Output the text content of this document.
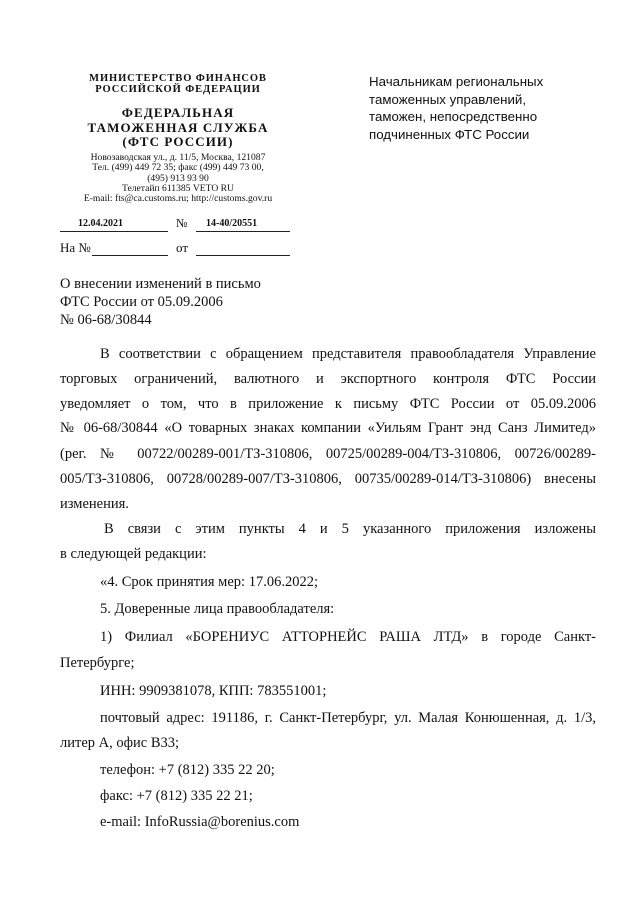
МИНИСТЕРСТВО ФИНАНСОВ
РОССИЙСКОЙ ФЕДЕРАЦИИ
ФЕДЕРАЛЬНАЯ
ТАМОЖЕННАЯ СЛУЖБА
(ФТС РОССИИ)
Новозаводская ул., д. 11/5, Москва, 121087
Тел. (499) 449 72 35; факс (499) 449 73 00,
(495) 913 93 90
Телетайп 611385 VETO RU
E-mail: fts@ca.customs.ru; http://customs.gov.ru
12.04.2021	№ 14-40/20551
На №	от
Начальникам региональных
таможенных управлений,
таможен, непосредственно
подчиненных ФТС России
О внесении изменений в письмо
ФТС России от 05.09.2006
№ 06-68/30844
В соответствии с обращением представителя правообладателя Управление
торговых ограничений, валютного и экспортного контроля ФТС России
уведомляет о том, что в приложение к письму ФТС России от 05.09.2006
№ 06-68/30844 «О товарных знаках компании «Уильям Грант энд Санз Лимитед»
(рег. № 00722/00289-001/ТЗ-310806, 00725/00289-004/ТЗ-310806, 00726/00289-
005/ТЗ-310806, 00728/00289-007/ТЗ-310806, 00735/00289-014/ТЗ-310806) внесены
изменения.
В связи с этим пункты 4 и 5 указанного приложения изложены
в следующей редакции:
«4. Срок принятия мер: 17.06.2022;
5. Доверенные лица правообладателя:
1) Филиал «БОРЕНИУС АТТОРНЕЙС РАША ЛТД» в городе Санкт-
Петербурге;
ИНН: 9909381078, КПП: 783551001;
почтовый адрес: 191186, г. Санкт-Петербург, ул. Малая Конюшенная, д. 1/3,
литер А, офис В33;
телефон: +7 (812) 335 22 20;
факс: +7 (812) 335 22 21;
e-mail: InfoRussia@borenius.com
